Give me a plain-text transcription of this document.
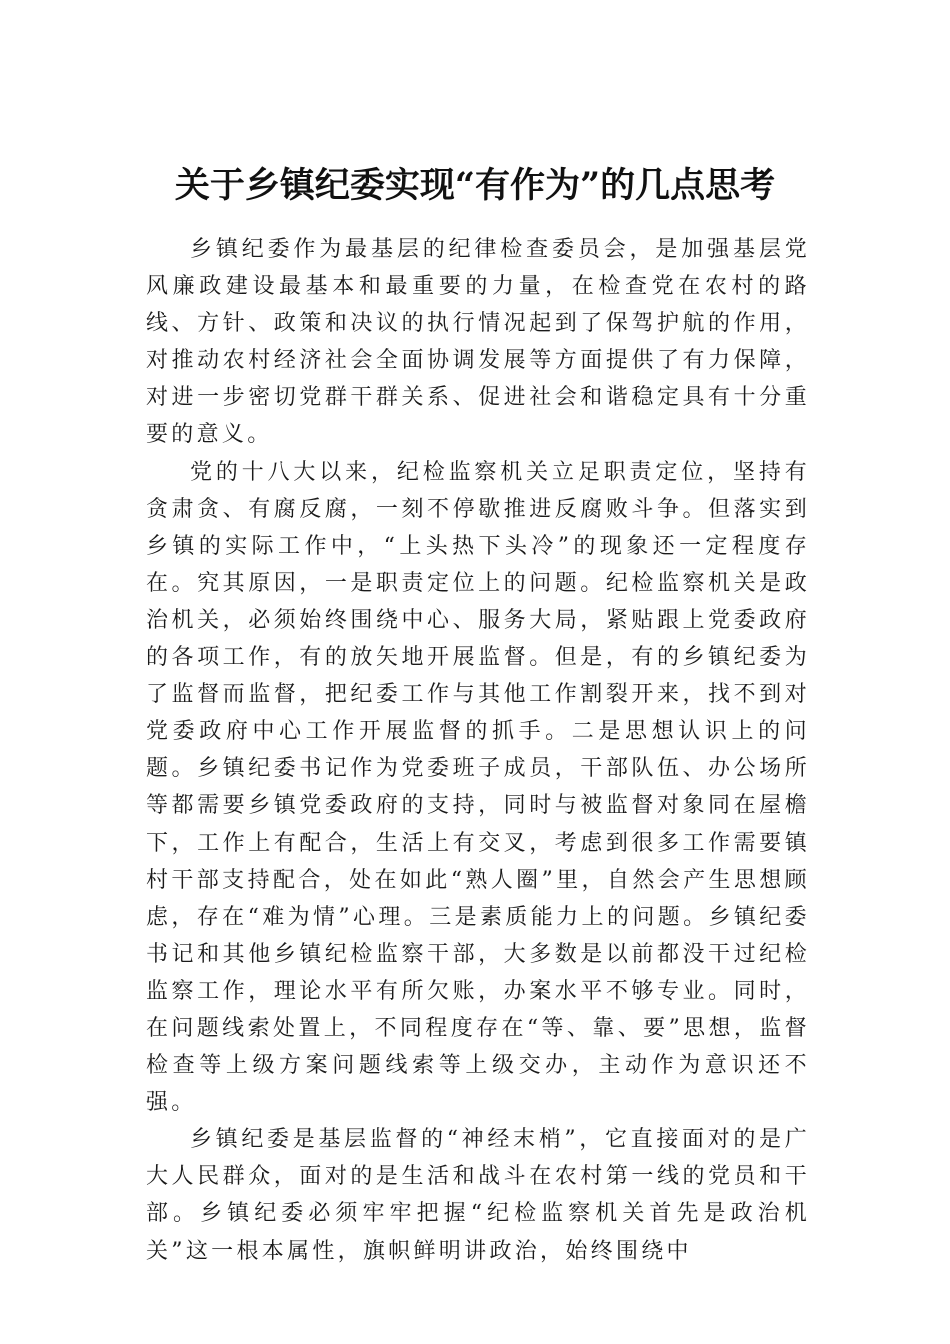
关于乡镇纪委实现“有作为”的几点思考

乡镇纪委作为最基层的纪律检查委员会，是加强基层党风廉政建设最基本和最重要的力量，在检查党在农村的路线、方针、政策和决议的执行情况起到了保驾护航的作用，对推动农村经济社会全面协调发展等方面提供了有力保障，对进一步密切党群干群关系、促进社会和谐稳定具有十分重要的意义。

党的十八大以来，纪检监察机关立足职责定位，坚持有贪肃贪、有腐反腐，一刻不停歇推进反腐败斗争。但落实到乡镇的实际工作中，“上头热下头冷”的现象还一定程度存在。究其原因，一是职责定位上的问题。纪检监察机关是政治机关，必须始终围绕中心、服务大局，紧贴跟上党委政府的各项工作，有的放矢地开展监督。但是，有的乡镇纪委为了监督而监督，把纪委工作与其他工作割裂开来，找不到对党委政府中心工作开展监督的抓手。二是思想认识上的问题。乡镇纪委书记作为党委班子成员，干部队伍、办公场所等都需要乡镇党委政府的支持，同时与被监督对象同在屋檐下，工作上有配合，生活上有交叉，考虑到很多工作需要镇村干部支持配合，处在如此“熟人圈”里，自然会产生思想顾虑，存在“难为情”心理。三是素质能力上的问题。乡镇纪委书记和其他乡镇纪检监察干部，大多数是以前都没干过纪检监察工作，理论水平有所欠账，办案水平不够专业。同时，在问题线索处置上，不同程度存在“等、靠、要”思想，监督检查等上级方案问题线索等上级交办，主动作为意识还不强。

乡镇纪委是基层监督的“神经末梢”，它直接面对的是广大人民群众，面对的是生活和战斗在农村第一线的党员和干部。乡镇纪委必须牢牢把握“纪检监察机关首先是政治机关”这一根本属性，旗帜鲜明讲政治，始终围绕中
